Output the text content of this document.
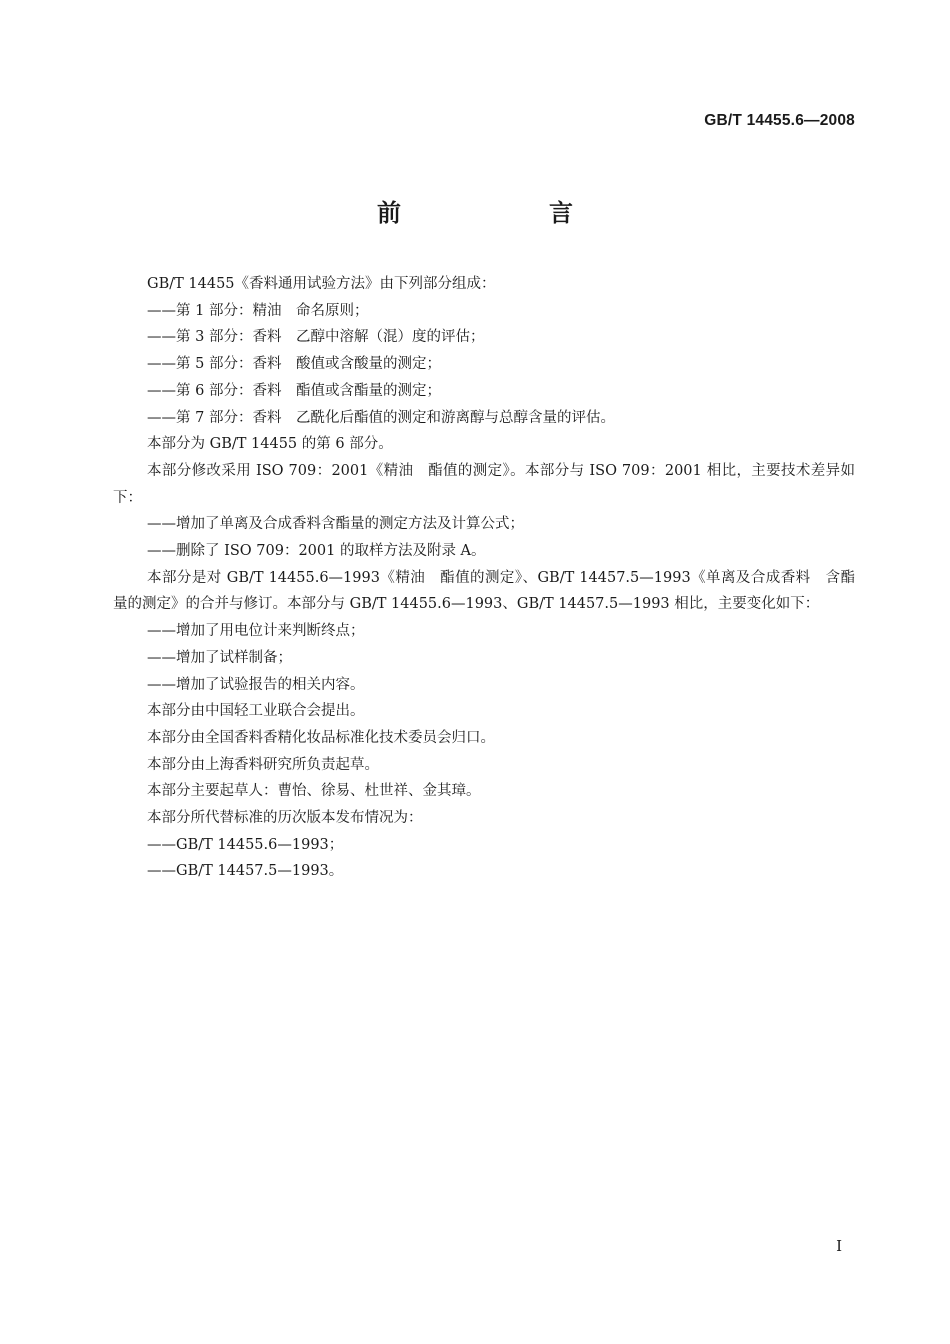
GB/T 14455.6—2008
前　言

GB/T 14455《香料通用试验方法》由下列部分组成：

——第 1 部分：精油　命名原则；

——第 3 部分：香料　乙醇中溶解（混）度的评估；

——第 5 部分：香料　酸值或含酸量的测定；

——第 6 部分：香料　酯值或含酯量的测定；

——第 7 部分：香料　乙酰化后酯值的测定和游离醇与总醇含量的评估。

本部分为 GB/T 14455 的第 6 部分。

本部分修改采用 ISO 709：2001《精油　酯值的测定》。本部分与 ISO 709：2001 相比，主要技术差异如下：

——增加了单离及合成香料含酯量的测定方法及计算公式；

——删除了 ISO 709：2001 的取样方法及附录 A。

本部分是对 GB/T 14455.6—1993《精油　酯值的测定》、GB/T 14457.5—1993《单离及合成香料　含酯量的测定》的合并与修订。本部分与 GB/T 14455.6—1993、GB/T 14457.5—1993 相比，主要变化如下：

——增加了用电位计来判断终点；

——增加了试样制备；

——增加了试验报告的相关内容。

本部分由中国轻工业联合会提出。

本部分由全国香料香精化妆品标准化技术委员会归口。

本部分由上海香料研究所负责起草。

本部分主要起草人：曹怡、徐易、杜世祥、金其璋。

本部分所代替标准的历次版本发布情况为：

——GB/T 14455.6—1993；

——GB/T 14457.5—1993。

I
